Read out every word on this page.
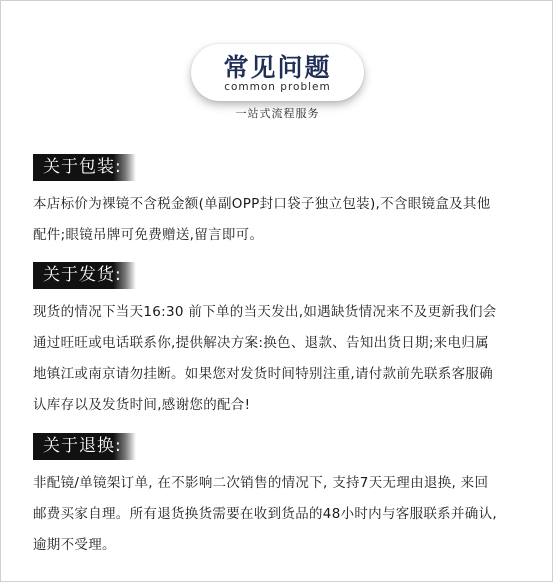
常见问题
common problem
一站式流程服务
关于包装:
本店标价为裸镜不含税金额(单副OPP封口袋子独立包装),不含眼镜盒及其他
配件;眼镜吊牌可免费赠送,留言即可。
关于发货:
现货的情况下当天16:30 前下单的当天发出,如遇缺货情况来不及更新我们会
通过旺旺或电话联系你,提供解决方案:换色、退款、告知出货日期;来电归属
地镇江或南京请勿挂断。如果您对发货时间特别注重,请付款前先联系客服确
认库存以及发货时间,感谢您的配合!
关于退换:
非配镜/单镜架订单, 在不影响二次销售的情况下, 支持7天无理由退换, 来回
邮费买家自理。所有退货换货需要在收到货品的48小时内与客服联系并确认,
逾期不受理。
